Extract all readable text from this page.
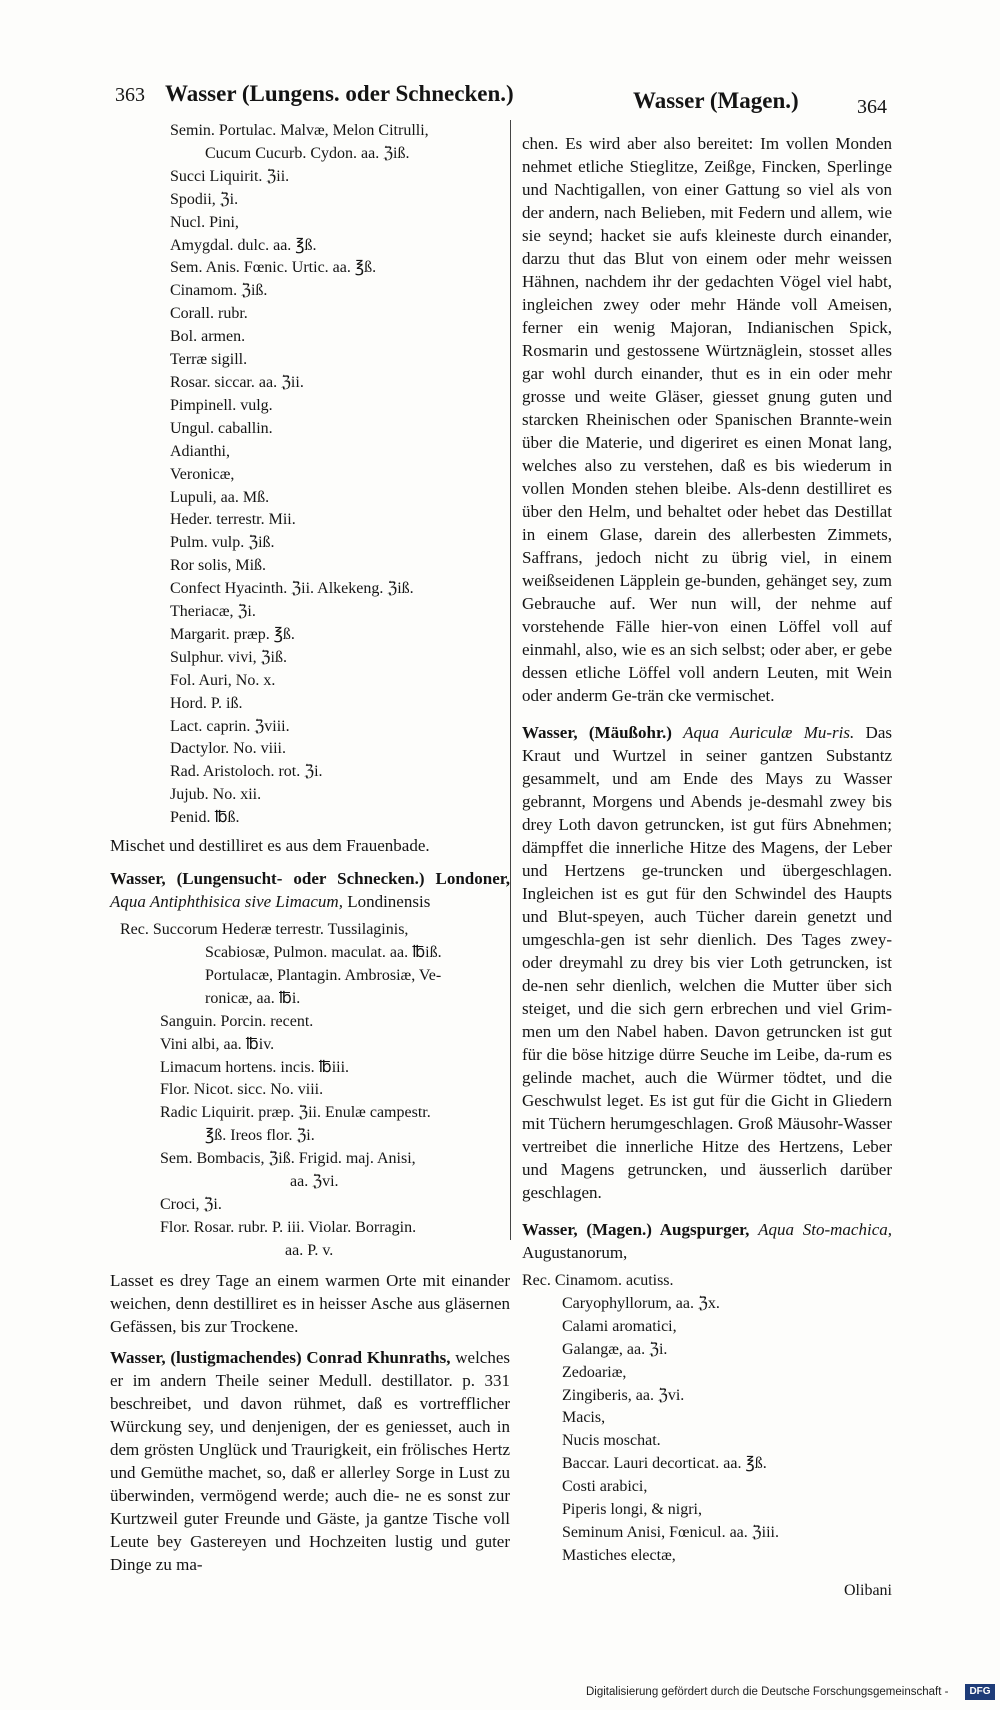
363 Wasser (Lungens. oder Schnecken.)	Wasser (Magen.)	364
Semin. Portulac. Malvæ, Melon Citrulli,
Cucum Cucurb. Cydon. aa. ℨiß.
Succi Liquirit. ℨii.
Spodii, ℨi.
Nucl. Pini,
Amygdal. dulc. aa. ℥ß.
Sem. Anis. Fœnic. Urtic. aa. ℥ß.
Cinamom. ℨiß.
Corall. rubr.
Bol. armen.
Terræ sigill.
Rosar. siccar. aa. ℨii.
Pimpinell. vulg.
Ungul. caballin.
Adianthi,
Veronicæ,
Lupuli, aa. Mß.
Heder. terrestr. Mii.
Pulm. vulp. ℨiß.
Ror solis, Miß.
Confect Hyacinth. ℨii. Alkekeng. ℨiß.
Theriacæ, ℨi.
Margarit. præp. ℥ß.
Sulphur. vivi, ℨiß.
Fol. Auri, No. x.
Hord. P. iß.
Lact. caprin. ℨviii.
Dactylor. No. viii.
Rad. Aristoloch. rot. ℨi.
Jujub. No. xii.
Penid. ℔ß.

Mischet und destilliret es aus dem Frauenbade.

Wasser, (Lungensucht- oder Schnecken.) Londoner, Aqua Antiphthisica sive Limacum, Londinensis

Rec. Succorum Hederæ terrestr. Tussilaginis,
Scabiosæ, Pulmon. maculat. aa. ℔iß.
Portulacæ, Plantagin. Ambrosiæ, Ve-
ronicæ, aa. ℔i.
Sanguin. Porcin. recent.
Vini albi, aa. ℔iv.
Limacum hortens. incis. ℔iii.
Flor. Nicot. sicc. No. viii.
Radic Liquirit. præp. ℨii. Enulæ campestr.
℥ß. Ireos flor. ℨi.
Sem. Bombacis, ℨiß. Frigid. maj. Anisi,
aa. ℨvi.
Croci, ℨi.
Flor. Rosar. rubr. P. iii. Violar. Borragin.
aa. P. v.

Lasset es drey Tage an einem warmen Orte mit einander weichen, denn destilliret es in heisser Asche aus gläsernen Gefässen, bis zur Trockene.

Wasser, (lustigmachendes) Conrad Khunraths, welches er im andern Theile seiner Medull. destillator. p. 331 beschreibet, und davon rühmet, daß es vortrefflicher Würckung sey, und denjenigen, der es geniesset, auch in dem grösten Unglück und Traurigkeit, ein frölisches Hertz und Gemüthe machet, so, daß er allerley Sorge in Lust zu überwinden, vermögend werde; auch die- ne es sonst zur Kurtzweil guter Freunde und Gäste, ja gantze Tische voll Leute bey Gastereyen und Hochzeiten lustig und guter Dinge zu ma-

chen. Es wird aber also bereitet: Im vollen Monden nehmet etliche Stieglitze, Zeißge, Fincken, Sperlinge und Nachtigallen, von einer Gattung so viel als von der andern, nach Belieben, mit Federn und allem, wie sie seynd; hacket sie aufs kleineste durch einander, darzu thut das Blut von einem oder mehr weissen Hähnen, nachdem ihr der gedachten Vögel viel habt, ingleichen zwey oder mehr Hände voll Ameisen, ferner ein wenig Majoran, Indianischen Spick, Rosmarin und gestossene Würtznäglein, stosset alles gar wohl durch einander, thut es in ein oder mehr grosse und weite Gläser, giesset gnung guten und starcken Rheinischen oder Spanischen Brannte-wein über die Materie, und digeriret es einen Monat lang, welches also zu verstehen, daß es bis wiederum in vollen Monden stehen bleibe. Als-denn destilliret es über den Helm, und behaltet oder hebet das Destillat in einem Glase, darein des allerbesten Zimmets, Saffrans, jedoch nicht zu übrig viel, in einem weißseidenen Läpplein ge-bunden, gehänget sey, zum Gebrauche auf. Wer nun will, der nehme auf vorstehende Fälle hier-von einen Löffel voll auf einmahl, also, wie es an sich selbst; oder aber, er gebe dessen etliche Löffel voll andern Leuten, mit Wein oder anderm Ge-trän cke vermischet.

Wasser, (Mäußohr.) Aqua Auriculæ Mu-ris. Das Kraut und Wurtzel in seiner gantzen Substantz gesammelt, und am Ende des Mays zu Wasser gebrannt, Morgens und Abends je-desmahl zwey bis drey Loth davon getruncken, ist gut fürs Abnehmen; dämpffet die innerliche Hitze des Magens, der Leber und Hertzens ge-truncken und übergeschlagen. Ingleichen ist es gut für den Schwindel des Haupts und Blut-speyen, auch Tücher darein genetzt und umgeschla-gen ist sehr dienlich. Des Tages zwey- oder dreymahl zu drey bis vier Loth getruncken, ist de-nen sehr dienlich, welchen die Mutter über sich steiget, und die sich gern erbrechen und viel Grim-men um den Nabel haben. Davon getruncken ist gut für die böse hitzige dürre Seuche im Leibe, da-rum es gelinde machet, auch die Würmer tödtet, und die Geschwulst leget. Es ist gut für die Gicht in Gliedern mit Tüchern herumgeschlagen. Groß Mäusohr-Wasser vertreibet die innerliche Hitze des Hertzens, Leber und Magens getruncken, und äusserlich darüber geschlagen.

Wasser, (Magen.) Augspurger, Aqua Sto-machica, Augustanorum,

Rec. Cinamom. acutiss.
Caryophyllorum, aa. ℨx.
Calami aromatici,
Galangæ, aa. ℨi.
Zedoariæ,
Zingiberis, aa. ℨvi.
Macis,
Nucis moschat.
Baccar. Lauri decorticat. aa. ℥ß.
Costi arabici,
Piperis longi, & nigri,
Seminum Anisi, Fœnicul. aa. ℨiii.
Mastiches electæ,
Olibani
Digitalisierung gefördert durch die Deutsche Forschungsgemeinschaft -	DFG
